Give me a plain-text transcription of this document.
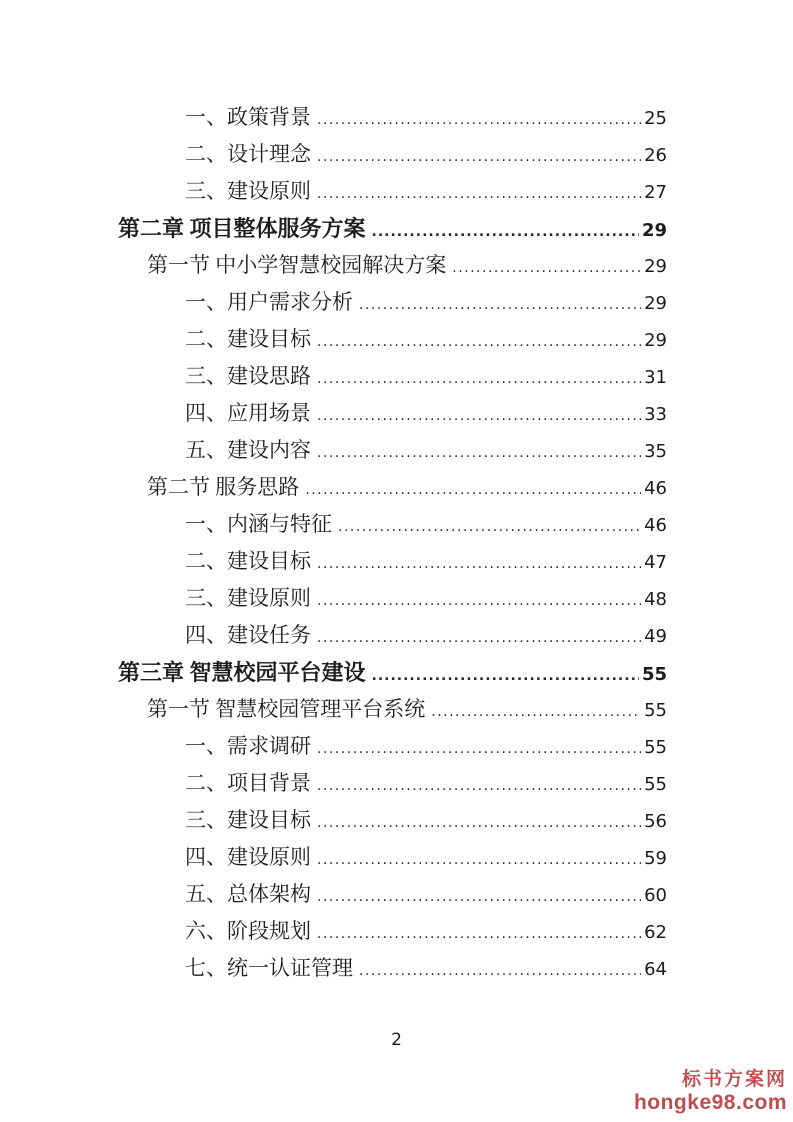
一、政策背景 .....	25
二、设计理念 .....	26
三、建设原则 .....	27
第二章 项目整体服务方案 .....	29
第一节 中小学智慧校园解决方案 .....	29
一、用户需求分析 .....	29
二、建设目标 .....	29
三、建设思路 .....	31
四、应用场景 .....	33
五、建设内容 .....	35
第二节 服务思路 .....	46
一、内涵与特征 .....	46
二、建设目标 .....	47
三、建设原则 .....	48
四、建设任务 .....	49
第三章 智慧校园平台建设 .....	55
第一节 智慧校园管理平台系统 .....	55
一、需求调研 .....	55
二、项目背景 .....	55
三、建设目标 .....	56
四、建设原则 .....	59
五、总体架构 .....	60
六、阶段规划 .....	62
七、统一认证管理 .....	64
2
标书方案网
hongke98.com
